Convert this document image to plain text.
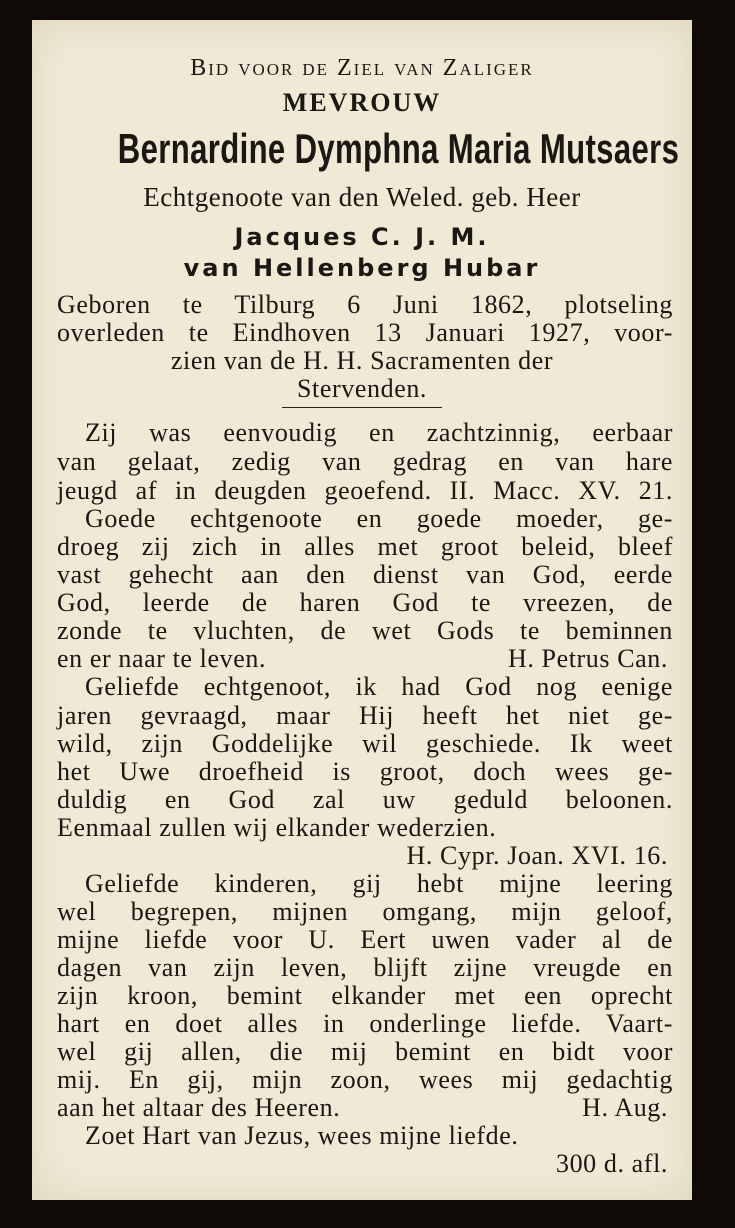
Bid voor de Ziel van Zaliger
MEVROUW
Bernardine Dymphna Maria Mutsaers
Echtgenoote van den Weled. geb. Heer
Jacques C. J. M.
van Hellenberg Hubar
Geboren te Tilburg 6 Juni 1862, plotseling
overleden te Eindhoven 13 Januari 1927, voor-
zien van de H. H. Sacramenten der
Stervenden.
Zij was eenvoudig en zachtzinnig, eerbaar
van gelaat, zedig van gedrag en van hare
jeugd af in deugden geoefend. II. Macc. XV. 21.
Goede echtgenoote en goede moeder, ge-
droeg zij zich in alles met groot beleid, bleef
vast gehecht aan den dienst van God, eerde
God, leerde de haren God te vreezen, de
zonde te vluchten, de wet Gods te beminnen
en er naar te leven.	H. Petrus Can.
Geliefde echtgenoot, ik had God nog eenige
jaren gevraagd, maar Hij heeft het niet ge-
wild, zijn Goddelijke wil geschiede. Ik weet
het Uwe droefheid is groot, doch wees ge-
duldig en God zal uw geduld beloonen.
Eenmaal zullen wij elkander wederzien.
H. Cypr. Joan. XVI. 16.
Geliefde kinderen, gij hebt mijne leering
wel begrepen, mijnen omgang, mijn geloof,
mijne liefde voor U. Eert uwen vader al de
dagen van zijn leven, blijft zijne vreugde en
zijn kroon, bemint elkander met een oprecht
hart en doet alles in onderlinge liefde. Vaart-
wel gij allen, die mij bemint en bidt voor
mij. En gij, mijn zoon, wees mij gedachtig
aan het altaar des Heeren.	H. Aug.
Zoet Hart van Jezus, wees mijne liefde.
300 d. afl.
